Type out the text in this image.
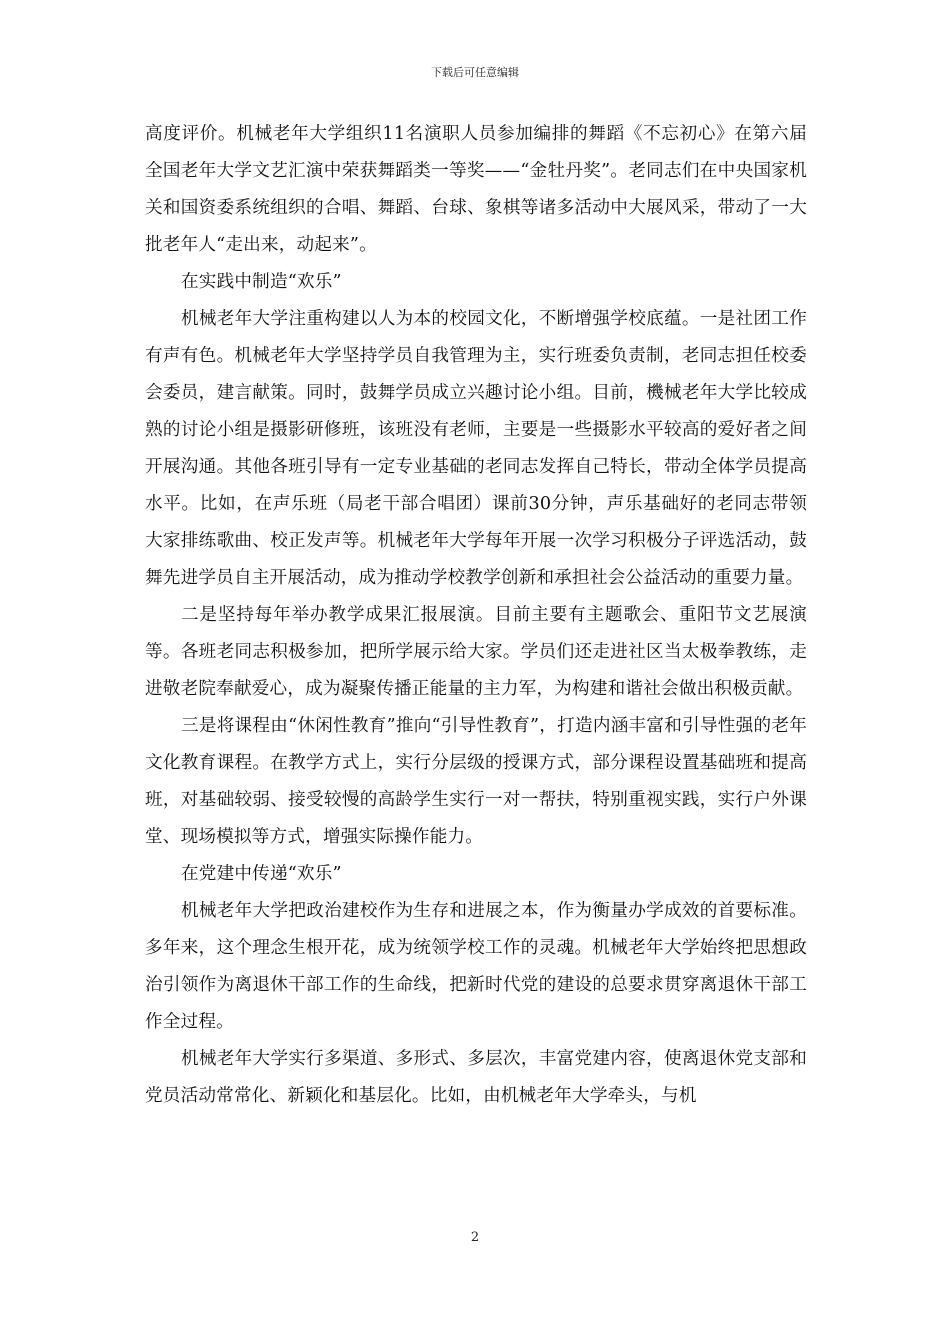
下载后可任意编辑

高度评价。机械老年大学组织11名演职人员参加编排的舞蹈《不忘初心》在第六届全国老年大学文艺汇演中荣获舞蹈类一等奖——“金牡丹奖”。老同志们在中央国家机关和国资委系统组织的合唱、舞蹈、台球、象棋等诸多活动中大展风采，带动了一大批老年人“走出来，动起来”。

在实践中制造“欢乐”

机械老年大学注重构建以人为本的校园文化，不断增强学校底蕴。一是社团工作有声有色。机械老年大学坚持学员自我管理为主，实行班委负责制，老同志担任校委会委员，建言献策。同时，鼓舞学员成立兴趣讨论小组。目前，機械老年大学比较成熟的讨论小组是摄影研修班，该班没有老师，主要是一些摄影水平较高的爱好者之间开展沟通。其他各班引导有一定专业基础的老同志发挥自己特长，带动全体学员提高水平。比如，在声乐班（局老干部合唱团）课前30分钟，声乐基础好的老同志带领大家排练歌曲、校正发声等。机械老年大学每年开展一次学习积极分子评选活动，鼓舞先进学员自主开展活动，成为推动学校教学创新和承担社会公益活动的重要力量。

二是坚持每年举办教学成果汇报展演。目前主要有主题歌会、重阳节文艺展演等。各班老同志积极参加，把所学展示给大家。学员们还走进社区当太极拳教练，走进敬老院奉献爱心，成为凝聚传播正能量的主力军，为构建和谐社会做出积极贡献。

三是将课程由“休闲性教育”推向“引导性教育”，打造内涵丰富和引导性强的老年文化教育课程。在教学方式上，实行分层级的授课方式，部分课程设置基础班和提高班，对基础较弱、接受较慢的高龄学生实行一对一帮扶，特别重视实践，实行户外课堂、现场模拟等方式，增强实际操作能力。

在党建中传递“欢乐”

机械老年大学把政治建校作为生存和进展之本，作为衡量办学成效的首要标准。多年来，这个理念生根开花，成为统领学校工作的灵魂。机械老年大学始终把思想政治引领作为离退休干部工作的生命线，把新时代党的建设的总要求贯穿离退休干部工作全过程。

机械老年大学实行多渠道、多形式、多层次，丰富党建内容，使离退休党支部和党员活动常常化、新颖化和基层化。比如，由机械老年大学牵头，与机

2
